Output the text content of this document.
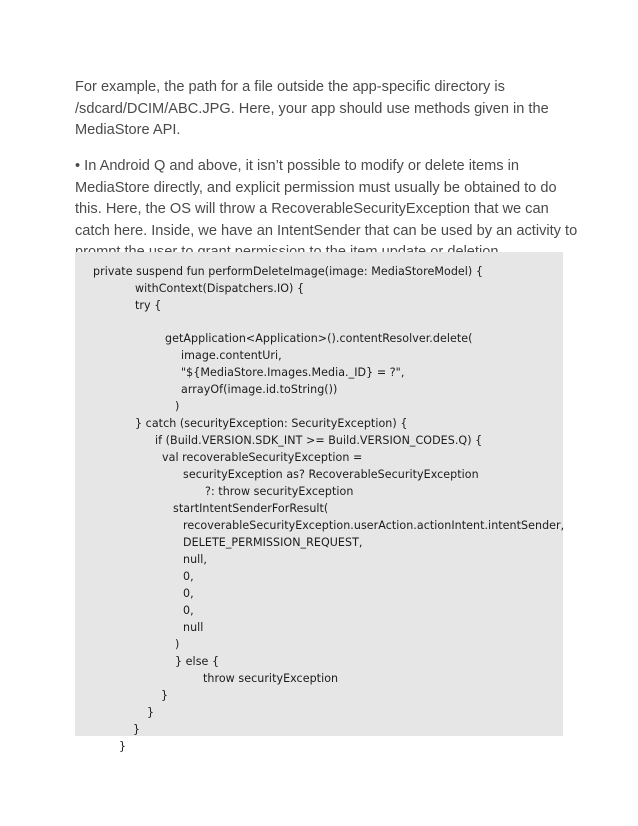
For example, the path for a file outside the app-specific directory is
/sdcard/DCIM/ABC.JPG. Here, your app should use methods given in the
MediaStore API.

• In Android Q and above, it isn’t possible to modify or delete items in
MediaStore directly, and explicit permission must usually be obtained to do
this. Here, the OS will throw a RecoverableSecurityException that we can
catch here. Inside, we have an IntentSender that can be used by an activity to

private suspend fun performDeleteImage(image: MediaStoreModel) {
withContext(Dispatchers.IO) {
try {
getApplication<Application>().contentResolver.delete(
image.contentUri,
"${MediaStore.Images.Media._ID} = ?",
arrayOf(image.id.toString())
)
} catch (securityException: SecurityException) {
if (Build.VERSION.SDK_INT >= Build.VERSION_CODES.Q) {
val recoverableSecurityException =
securityException as? RecoverableSecurityException
?: throw securityException
startIntentSenderForResult(
recoverableSecurityException.userAction.actionIntent.intentSender,
DELETE_PERMISSION_REQUEST,
null,
0,
0,
0,
null
)
} else {
throw securityException
}
}
}
}
